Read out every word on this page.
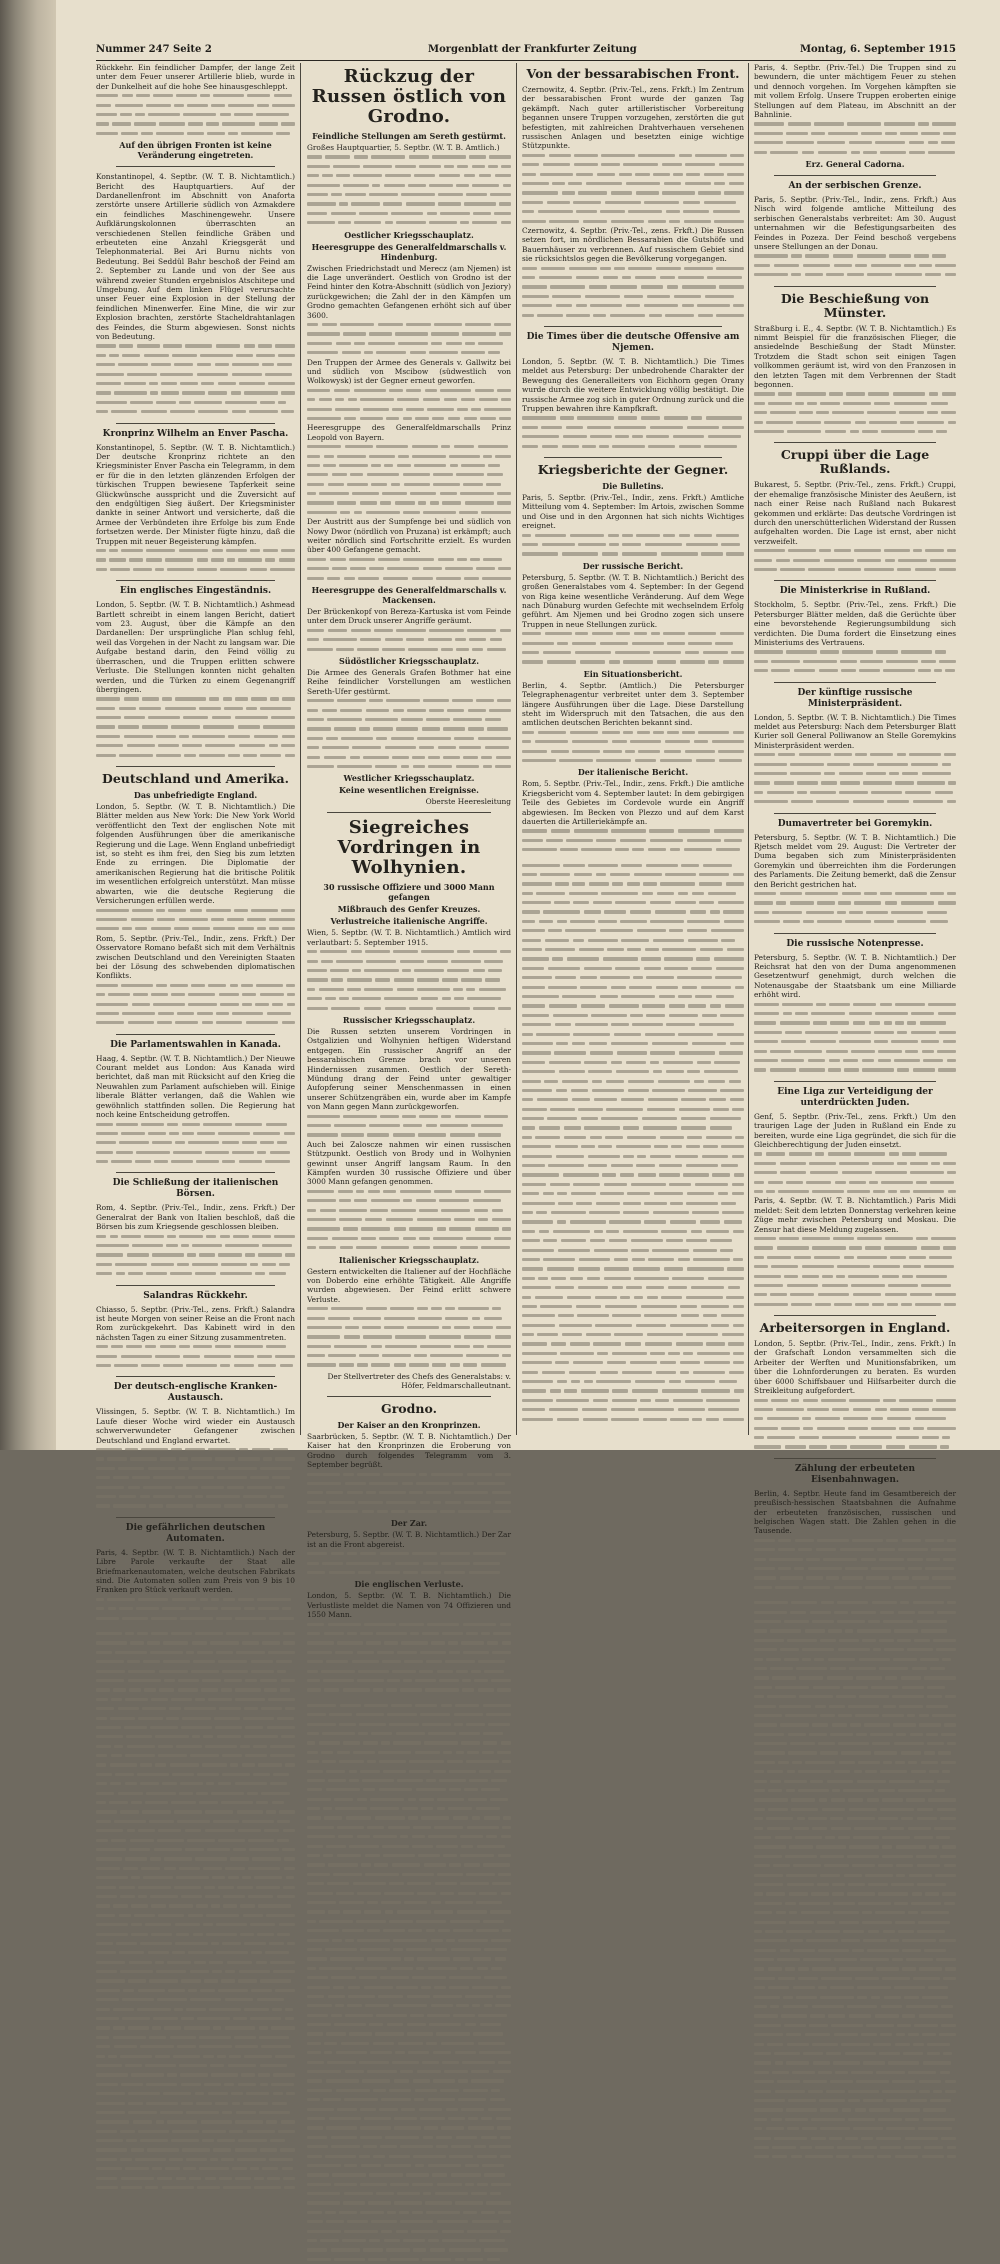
Nummer 247 Seite 2	Morgenblatt der Frankfurter Zeitung	Montag, 6. September 1915

Rückkehr. Ein feindlicher Dampfer, der lange Zeit unter dem Feuer unserer Artillerie blieb, wurde in der Dunkelheit auf die hohe See hinausgeschleppt.

Auf den übrigen Fronten ist keine Veränderung eingetreten.

Konstantinopel, 4. Septbr. (W. T. B. Nichtamtlich.) Bericht des Hauptquartiers. Auf der Dardanellenfront im Abschnitt von Anaforta zerstörte unsere Artillerie südlich von Azmakdere ein feindliches Maschinengewehr. Unsere Aufklärungskolonnen überraschten an verschiedenen Stellen feindliche Gräben und erbeuteten eine Anzahl Kriegsgerät und Telephonmaterial. Bei Ari Burnu nichts von Bedeutung. Bei Seddül Bahr beschoß der Feind am 2. September zu Lande und von der See aus während zweier Stunden ergebnislos Atschitepe und Umgebung. Auf dem linken Flügel verursachte unser Feuer eine Explosion in der Stellung der feindlichen Minenwerfer. Eine Mine, die wir zur Explosion brachten, zerstörte Stacheldrahtanlagen des Feindes, die Sturm abgewiesen. Sonst nichts von Bedeutung.

Kronprinz Wilhelm an Enver Pascha.

Konstantinopel, 5. Septbr. (W. T. B. Nichtamtlich.) Der deutsche Kronprinz richtete an den Kriegsminister Enver Pascha ein Telegramm, in dem er für die in den letzten glänzenden Erfolgen der türkischen Truppen bewiesene Tapferkeit seine Glückwünsche ausspricht und die Zuversicht auf den endgültigen Sieg äußert. Der Kriegsminister dankte in seiner Antwort und versicherte, daß die Armee der Verbündeten ihre Erfolge bis zum Ende fortsetzen werde. Der Minister fügte hinzu, daß die Truppen mit neuer Begeisterung kämpfen.

Ein englisches Eingeständnis.

London, 5. Septbr. (W. T. B. Nichtamtlich.) Ashmead Bartlett schreibt in einem langen Bericht, datiert vom 23. August, über die Kämpfe an den Dardanellen: Der ursprüngliche Plan schlug fehl, weil das Vorgehen in der Nacht zu langsam war. Die Aufgabe bestand darin, den Feind völlig zu überraschen, und die Truppen erlitten schwere Verluste. Die Stellungen konnten nicht gehalten werden, und die Türken zu einem Gegenangriff übergingen.

Deutschland und Amerika.

Das unbefriedigte England.

London, 5. Septbr. (W. T. B. Nichtamtlich.) Die Blätter melden aus New York: Die New York World veröffentlicht den Text der englischen Note mit folgenden Ausführungen über die amerikanische Regierung und die Lage. Wenn England unbefriedigt ist, so steht es ihm frei, den Sieg bis zum letzten Ende zu erringen. Die Diplomatie der amerikanischen Regierung hat die britische Politik im wesentlichen erfolgreich unterstützt. Man müsse abwarten, wie die deutsche Regierung die Versicherungen erfüllen werde.

Rom, 5. Septbr. (Priv.-Tel., Indir., zens. Frkft.) Der Osservatore Romano befaßt sich mit dem Verhältnis zwischen Deutschland und den Vereinigten Staaten bei der Lösung des schwebenden diplomatischen Konflikts.

Die Parlamentswahlen in Kanada.

Haag, 4. Septbr. (W. T. B. Nichtamtlich.) Der Nieuwe Courant meldet aus London: Aus Kanada wird berichtet, daß man mit Rücksicht auf den Krieg die Neuwahlen zum Parlament aufschieben will. Einige liberale Blätter verlangen, daß die Wahlen wie gewöhnlich stattfinden sollen. Die Regierung hat noch keine Entscheidung getroffen.

Die Schließung der italienischen Börsen.

Rom, 4. Septbr. (Priv.-Tel., Indir., zens. Frkft.) Der Generalrat der Bank von Italien beschloß, daß die Börsen bis zum Kriegsende geschlossen bleiben.

Salandras Rückkehr.

Chiasso, 5. Septbr. (Priv.-Tel., zens. Frkft.) Salandra ist heute Morgen von seiner Reise an die Front nach Rom zurückgekehrt. Das Kabinett wird in den nächsten Tagen zu einer Sitzung zusammentreten.

Der deutsch-englische Kranken-Austausch.

Vlissingen, 5. Septbr. (W. T. B. Nichtamtlich.) Im Laufe dieser Woche wird wieder ein Austausch schwerverwundeter Gefangener zwischen Deutschland und England erwartet.

Die gefährlichen deutschen Automaten.

Paris, 4. Septbr. (W. T. B. Nichtamtlich.) Nach der Libre Parole verkaufte der Staat alle Briefmarkenautomaten, welche deutschen Fabrikats sind. Die Automaten sollen zum Preis von 9 bis 10 Franken pro Stück verkauft werden.

Rückzug der Russen östlich von Grodno.
Feindliche Stellungen am Sereth gestürmt.

Großes Hauptquartier, 5. Septbr. (W. T. B. Amtlich.)

Oestlicher Kriegsschauplatz.

Heeresgruppe des Generalfeldmarschalls v. Hindenburg.

Zwischen Friedrichstadt und Merecz (am Njemen) ist die Lage unverändert. Oestlich von Grodno ist der Feind hinter den Kotra-Abschnitt (südlich von Jeziory) zurückgewichen; die Zahl der in den Kämpfen um Grodno gemachten Gefangenen erhöht sich auf über 3600.

Den Truppen der Armee des Generals v. Gallwitz bei und südlich von Mscibow (südwestlich von Wolkowysk) ist der Gegner erneut geworfen.

Heeresgruppe des Generalfeldmarschalls Prinz Leopold von Bayern.

Der Austritt aus der Sumpfenge bei und südlich von Nowy Dwor (nördlich von Pruzana) ist erkämpft; auch weiter nördlich sind Fortschritte erzielt. Es wurden über 400 Gefangene gemacht.

Heeresgruppe des Generalfeldmarschalls v. Mackensen.

Der Brückenkopf von Bereza-Kartuska ist vom Feinde unter dem Druck unserer Angriffe geräumt.

Südöstlicher Kriegsschauplatz.

Die Armee des Generals Grafen Bothmer hat eine Reihe feindlicher Vorstellungen am westlichen Sereth-Ufer gestürmt.

Westlicher Kriegsschauplatz.

Keine wesentlichen Ereignisse.

Oberste Heeresleitung
Siegreiches Vordringen in Wolhynien.
30 russische Offiziere und 3000 Mann gefangen

Mißbrauch des Genfer Kreuzes.

Verlustreiche italienische Angriffe.

Wien, 5. Septbr. (W. T. B. Nichtamtlich.) Amtlich wird verlautbart: 5. September 1915.

Russischer Kriegsschauplatz.

Die Russen setzten unserem Vordringen in Ostgalizien und Wolhynien heftigen Widerstand entgegen. Ein russischer Angriff an der bessarabischen Grenze brach vor unseren Hindernissen zusammen. Oestlich der Sereth-Mündung drang der Feind unter gewaltiger Aufopferung seiner Menschenmassen in einen unserer Schützengräben ein, wurde aber im Kampfe von Mann gegen Mann zurückgeworfen.

Auch bei Zaloscze nahmen wir einen russischen Stützpunkt. Oestlich von Brody und in Wolhynien gewinnt unser Angriff langsam Raum. In den Kämpfen wurden 30 russische Offiziere und über 3000 Mann gefangen genommen.

Italienischer Kriegsschauplatz.

Gestern entwickelten die Italiener auf der Hochfläche von Doberdo eine erhöhte Tätigkeit. Alle Angriffe wurden abgewiesen. Der Feind erlitt schwere Verluste.

Der Stellvertreter des Chefs des Generalstabs: v. Höfer, Feldmarschalleutnant.
Grodno.
Der Kaiser an den Kronprinzen.

Saarbrücken, 5. Septbr. (W. T. B. Nichtamtlich.) Der Kaiser hat den Kronprinzen die Eroberung von Grodno durch folgendes Telegramm vom 3. September begrüßt.

Der Zar.

Petersburg, 5. Septbr. (W. T. B. Nichtamtlich.) Der Zar ist an die Front abgereist.

Die englischen Verluste.

London, 5. Septbr. (W. T. B. Nichtamtlich.) Die Verlustliste meldet die Namen von 74 Offizieren und 1550 Mann.

Von der bessarabischen Front.

Czernowitz, 4. Septbr. (Priv.-Tel., zens. Frkft.) Im Zentrum der bessarabischen Front wurde der ganzen Tag gekämpft. Nach guter artilleristischer Vorbereitung begannen unsere Truppen vorzugehen, zerstörten die gut befestigten, mit zahlreichen Drahtverhauen versehenen russischen Anlagen und besetzten einige wichtige Stützpunkte.

Czernowitz, 4. Septbr. (Priv.-Tel., zens. Frkft.) Die Russen setzen fort, im nördlichen Bessarabien die Gutshöfe und Bauernhäuser zu verbrennen. Auf russischem Gebiet sind sie rücksichtslos gegen die Bevölkerung vorgegangen.

Die Times über die deutsche Offensive am Njemen.

London, 5. Septbr. (W. T. B. Nichtamtlich.) Die Times meldet aus Petersburg: Der unbedrohende Charakter der Bewegung des Generalleiters von Eichhorn gegen Orany wurde durch die weitere Entwicklung völlig bestätigt. Die russische Armee zog sich in guter Ordnung zurück und die Truppen bewahren ihre Kampfkraft.

Kriegsberichte der Gegner.
Die Bulletins.

Paris, 5. Septbr. (Priv.-Tel., Indir., zens. Frkft.) Amtliche Mitteilung vom 4. September: Im Artois, zwischen Somme und Oise und in den Argonnen hat sich nichts Wichtiges ereignet.

Der russische Bericht.

Petersburg, 5. Septbr. (W. T. B. Nichtamtlich.) Bericht des großen Generalstabes vom 4. September: In der Gegend von Riga keine wesentliche Veränderung. Auf dem Wege nach Dünaburg wurden Gefechte mit wechselndem Erfolg geführt. Am Njemen und bei Grodno zogen sich unsere Truppen in neue Stellungen zurück.

Ein Situationsbericht.

Berlin, 4. Septbr. (Amtlich.) Die Petersburger Telegraphenagentur verbreitet unter dem 3. September längere Ausführungen über die Lage. Diese Darstellung steht im Widerspruch mit den Tatsachen, die aus den amtlichen deutschen Berichten bekannt sind.

Der italienische Bericht.

Rom, 5. Septbr. (Priv.-Tel., Indir., zens. Frkft.) Die amtliche Kriegsbericht vom 4. September lautet: In dem gebirgigen Teile des Gebietes im Cordevole wurde ein Angriff abgewiesen. Im Becken von Plezzo und auf dem Karst dauerten die Artilleriekämpfe an.

Paris, 4. Septbr. (Priv.-Tel.) Die Truppen sind zu bewundern, die unter mächtigem Feuer zu stehen und dennoch vorgehen. Im Vorgehen kämpften sie mit vollem Erfolg. Unsere Truppen eroberten einige Stellungen auf dem Plateau, im Abschnitt an der Bahnlinie.

Erz. General Cadorna.

An der serbischen Grenze.

Paris, 5. Septbr. (Priv.-Tel., Indir., zens. Frkft.) Aus Nisch wird folgende amtliche Mitteilung des serbischen Generalstabs verbreitet: Am 30. August unternahmen wir die Befestigungsarbeiten des Feindes in Pozeza. Der Feind beschoß vergebens unsere Stellungen an der Donau.

Die Beschießung von Münster.

Straßburg i. E., 4. Septbr. (W. T. B. Nichtamtlich.) Es nimmt Beispiel für die französischen Flieger, die ansiedelnde Beschießung der Stadt Münster. Trotzdem die Stadt schon seit einigen Tagen vollkommen geräumt ist, wird von den Franzosen in den letzten Tagen mit dem Verbrennen der Stadt begonnen.

Cruppi über die Lage Rußlands.

Bukarest, 5. Septbr. (Priv.-Tel., zens. Frkft.) Cruppi, der ehemalige französische Minister des Aeußern, ist nach einer Reise nach Rußland nach Bukarest gekommen und erklärte: Das deutsche Vordringen ist durch den unerschütterlichen Widerstand der Russen aufgehalten worden. Die Lage ist ernst, aber nicht verzweifelt.

Die Ministerkrise in Rußland.

Stockholm, 5. Septbr. (Priv.-Tel., zens. Frkft.) Die Petersburger Blätter melden, daß die Gerüchte über eine bevorstehende Regierungsumbildung sich verdichten. Die Duma fordert die Einsetzung eines Ministeriums des Vertrauens.

Der künftige russische Ministerpräsident.

London, 5. Septbr. (W. T. B. Nichtamtlich.) Die Times meldet aus Petersburg: Nach dem Petersburger Blatt Kurier soll General Polliwanow an Stelle Goremykins Ministerpräsident werden.

Dumavertreter bei Goremykin.

Petersburg, 5. Septbr. (W. T. B. Nichtamtlich.) Die Rjetsch meldet vom 29. August: Die Vertreter der Duma begaben sich zum Ministerpräsidenten Goremykin und überreichten ihm die Forderungen des Parlaments. Die Zeitung bemerkt, daß die Zensur den Bericht gestrichen hat.

Die russische Notenpresse.

Petersburg, 5. Septbr. (W. T. B. Nichtamtlich.) Der Reichsrat hat den von der Duma angenommenen Gesetzentwurf genehmigt, durch welchen die Notenausgabe der Staatsbank um eine Milliarde erhöht wird.

Eine Liga zur Verteidigung der unterdrückten Juden.

Genf, 5. Septbr. (Priv.-Tel., zens. Frkft.) Um den traurigen Lage der Juden in Rußland ein Ende zu bereiten, wurde eine Liga gegründet, die sich für die Gleichberechtigung der Juden einsetzt.

Paris, 4. Septbr. (W. T. B. Nichtamtlich.) Paris Midi meldet: Seit dem letzten Donnerstag verkehren keine Züge mehr zwischen Petersburg und Moskau. Die Zensur hat diese Meldung zugelassen.

Arbeitersorgen in England.

London, 5. Septbr. (Priv.-Tel., Indir., zens. Frkft.) In der Grafschaft London versammelten sich die Arbeiter der Werften und Munitionsfabriken, um über die Lohnforderungen zu beraten. Es wurden über 6000 Schiffsbauer und Hilfsarbeiter durch die Streikleitung aufgefordert.

Zählung der erbeuteten Eisenbahnwagen.

Berlin, 4. Septbr. Heute fand im Gesamtbereich der preußisch-hessischen Staatsbahnen die Aufnahme der erbeuteten französischen, russischen und belgischen Wagen statt. Die Zahlen gehen in die Tausende.
